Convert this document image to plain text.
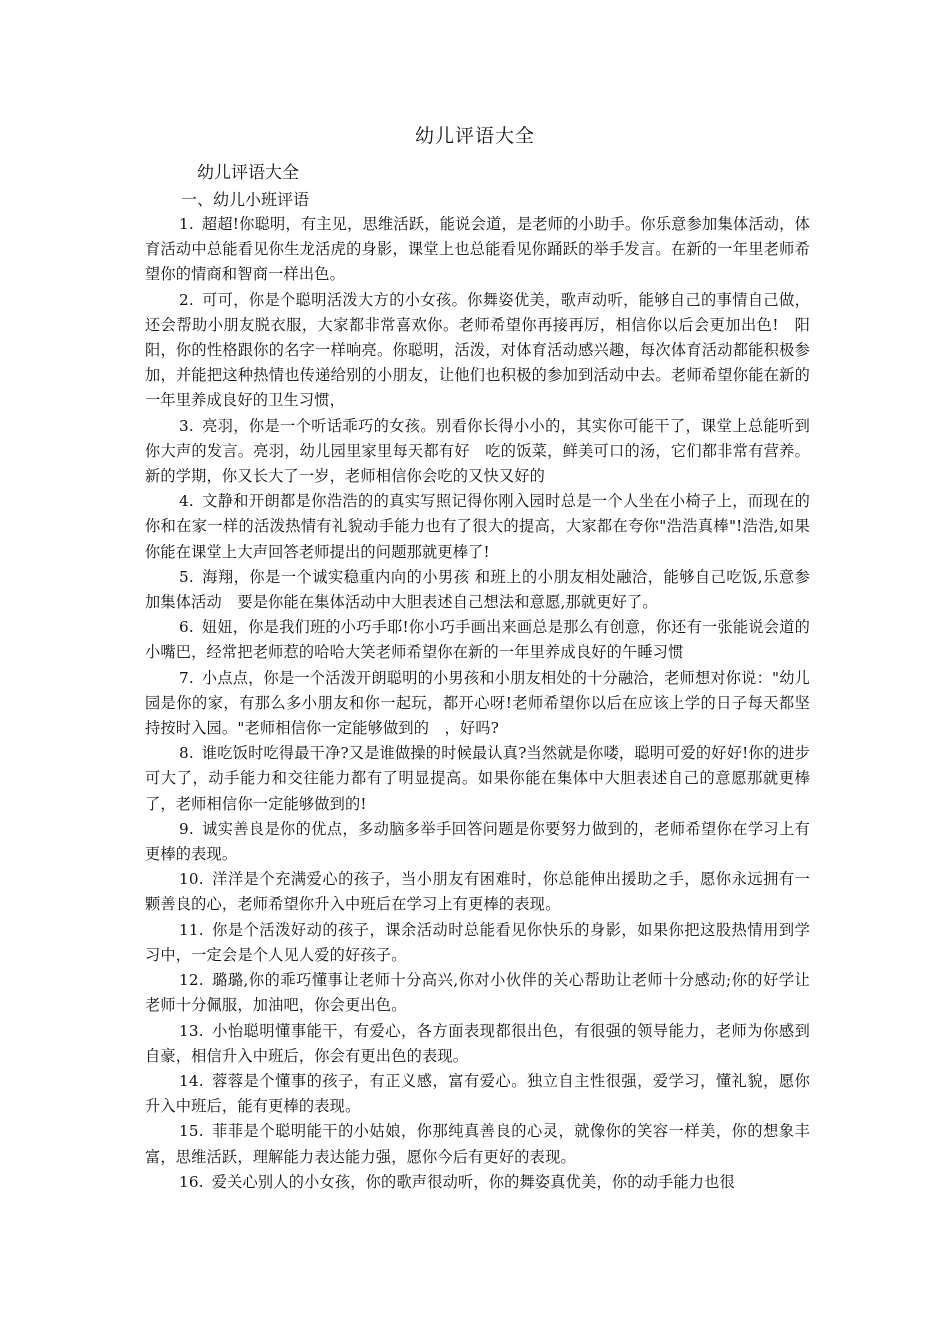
幼儿评语大全

幼儿评语大全

一、幼儿小班评语

1. 超超!你聪明，有主见，思维活跃，能说会道，是老师的小助手。你乐意参加集体活动，体育活动中总能看见你生龙活虎的身影，课堂上也总能看见你踊跃的举手发言。在新的一年里老师希望你的情商和智商一样出色。

2. 可可，你是个聪明活泼大方的小女孩。你舞姿优美，歌声动听，能够自己的事情自己做，还会帮助小朋友脱衣服，大家都非常喜欢你。老师希望你再接再厉，相信你以后会更加出色!　阳阳，你的性格跟你的名字一样响亮。你聪明，活泼，对体育活动感兴趣，每次体育活动都能积极参加，并能把这种热情也传递给别的小朋友，让他们也积极的参加到活动中去。老师希望你能在新的一年里养成良好的卫生习惯，

3. 亮羽，你是一个听话乖巧的女孩。别看你长得小小的，其实你可能干了，课堂上总能听到你大声的发言。亮羽，幼儿园里家里每天都有好　吃的饭菜，鲜美可口的汤，它们都非常有营养。新的学期，你又长大了一岁，老师相信你会吃的又快又好的

4. 文静和开朗都是你浩浩的的真实写照记得你刚入园时总是一个人坐在小椅子上，而现在的你和在家一样的活泼热情有礼貌动手能力也有了很大的提高，大家都在夸你"浩浩真棒"!浩浩,如果你能在课堂上大声回答老师提出的问题那就更棒了!

5. 海翔，你是一个诚实稳重内向的小男孩 和班上的小朋友相处融洽，能够自己吃饭,乐意参加集体活动　要是你能在集体活动中大胆表述自己想法和意愿,那就更好了。

6. 妞妞，你是我们班的小巧手耶!你小巧手画出来画总是那么有创意，你还有一张能说会道的小嘴巴，经常把老师惹的哈哈大笑老师希望你在新的一年里养成良好的午睡习惯

7. 小点点，你是一个活泼开朗聪明的小男孩和小朋友相处的十分融洽，老师想对你说："幼儿园是你的家，有那么多小朋友和你一起玩，都开心呀!老师希望你以后在应该上学的日子每天都坚持按时入园。"老师相信你一定能够做到的　，好吗?

8. 谁吃饭时吃得最干净?又是谁做操的时候最认真?当然就是你喽，聪明可爱的好好!你的进步可大了，动手能力和交往能力都有了明显提高。如果你能在集体中大胆表述自己的意愿那就更棒了，老师相信你一定能够做到的!

9. 诚实善良是你的优点，多动脑多举手回答问题是你要努力做到的，老师希望你在学习上有更棒的表现。

10. 洋洋是个充满爱心的孩子，当小朋友有困难时，你总能伸出援助之手，愿你永远拥有一颗善良的心，老师希望你升入中班后在学习上有更棒的表现。

11. 你是个活泼好动的孩子，课余活动时总能看见你快乐的身影，如果你把这股热情用到学习中，一定会是个人见人爱的好孩子。

12. 璐璐,你的乖巧懂事让老师十分高兴,你对小伙伴的关心帮助让老师十分感动;你的好学让老师十分佩服，加油吧，你会更出色。

13. 小怡聪明懂事能干，有爱心，各方面表现都很出色，有很强的领导能力，老师为你感到自豪，相信升入中班后，你会有更出色的表现。

14. 蓉蓉是个懂事的孩子，有正义感，富有爱心。独立自主性很强，爱学习，懂礼貌，愿你升入中班后，能有更棒的表现。

15. 菲菲是个聪明能干的小姑娘，你那纯真善良的心灵，就像你的笑容一样美，你的想象丰富，思维活跃，理解能力表达能力强，愿你今后有更好的表现。

16. 爱关心别人的小女孩，你的歌声很动听，你的舞姿真优美，你的动手能力也很
